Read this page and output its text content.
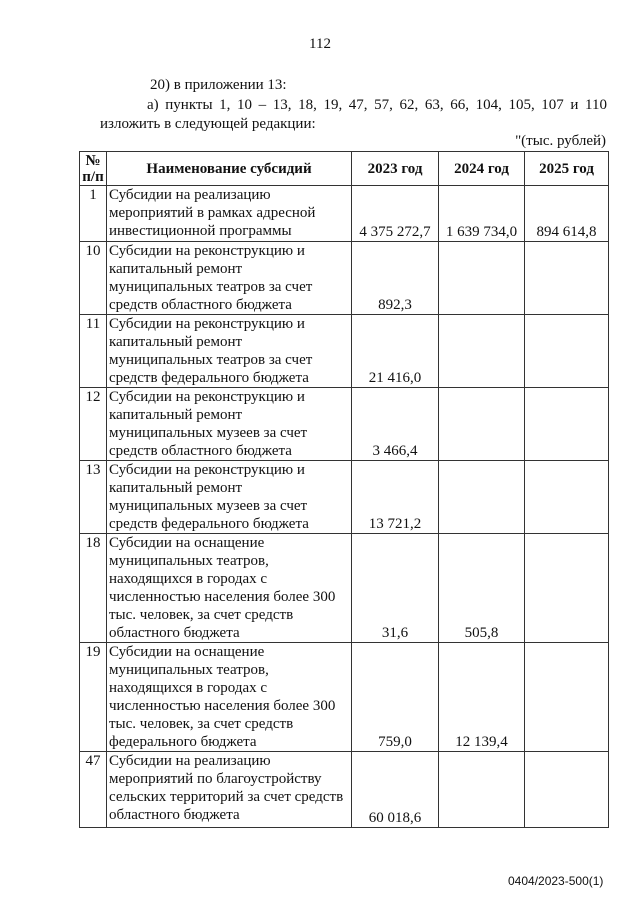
112
20) в приложении 13:
а) пункты 1, 10 – 13, 18, 19, 47, 57, 62, 63, 66, 104, 105, 107 и 110
изложить в следующей редакции:
"(тыс. рублей)
№ п/п	Наименование субсидий	2023 год	2024 год	2025 год
1	Субсидии на реализацию мероприятий в рамках адресной инвестиционной программы	4 375 272,7	1 639 734,0	894 614,8
10	Субсидии на реконструкцию и капитальный ремонт муниципальных театров за счет средств областного бюджета	892,3		
11	Субсидии на реконструкцию и капитальный ремонт муниципальных театров за счет средств федерального бюджета	21 416,0		
12	Субсидии на реконструкцию и капитальный ремонт муниципальных музеев за счет средств областного бюджета	3 466,4		
13	Субсидии на реконструкцию и капитальный ремонт муниципальных музеев за счет средств федерального бюджета	13 721,2		
18	Субсидии на оснащение муниципальных театров, находящихся в городах с численностью населения более 300 тыс. человек, за счет средств областного бюджета	31,6	505,8	
19	Субсидии на оснащение муниципальных театров, находящихся в городах с численностью населения более 300 тыс. человек, за счет средств федерального бюджета	759,0	12 139,4	
47	Субсидии на реализацию мероприятий по благоустройству сельских территорий за счет средств областного бюджета	60 018,6		
0404/2023-500(1)
